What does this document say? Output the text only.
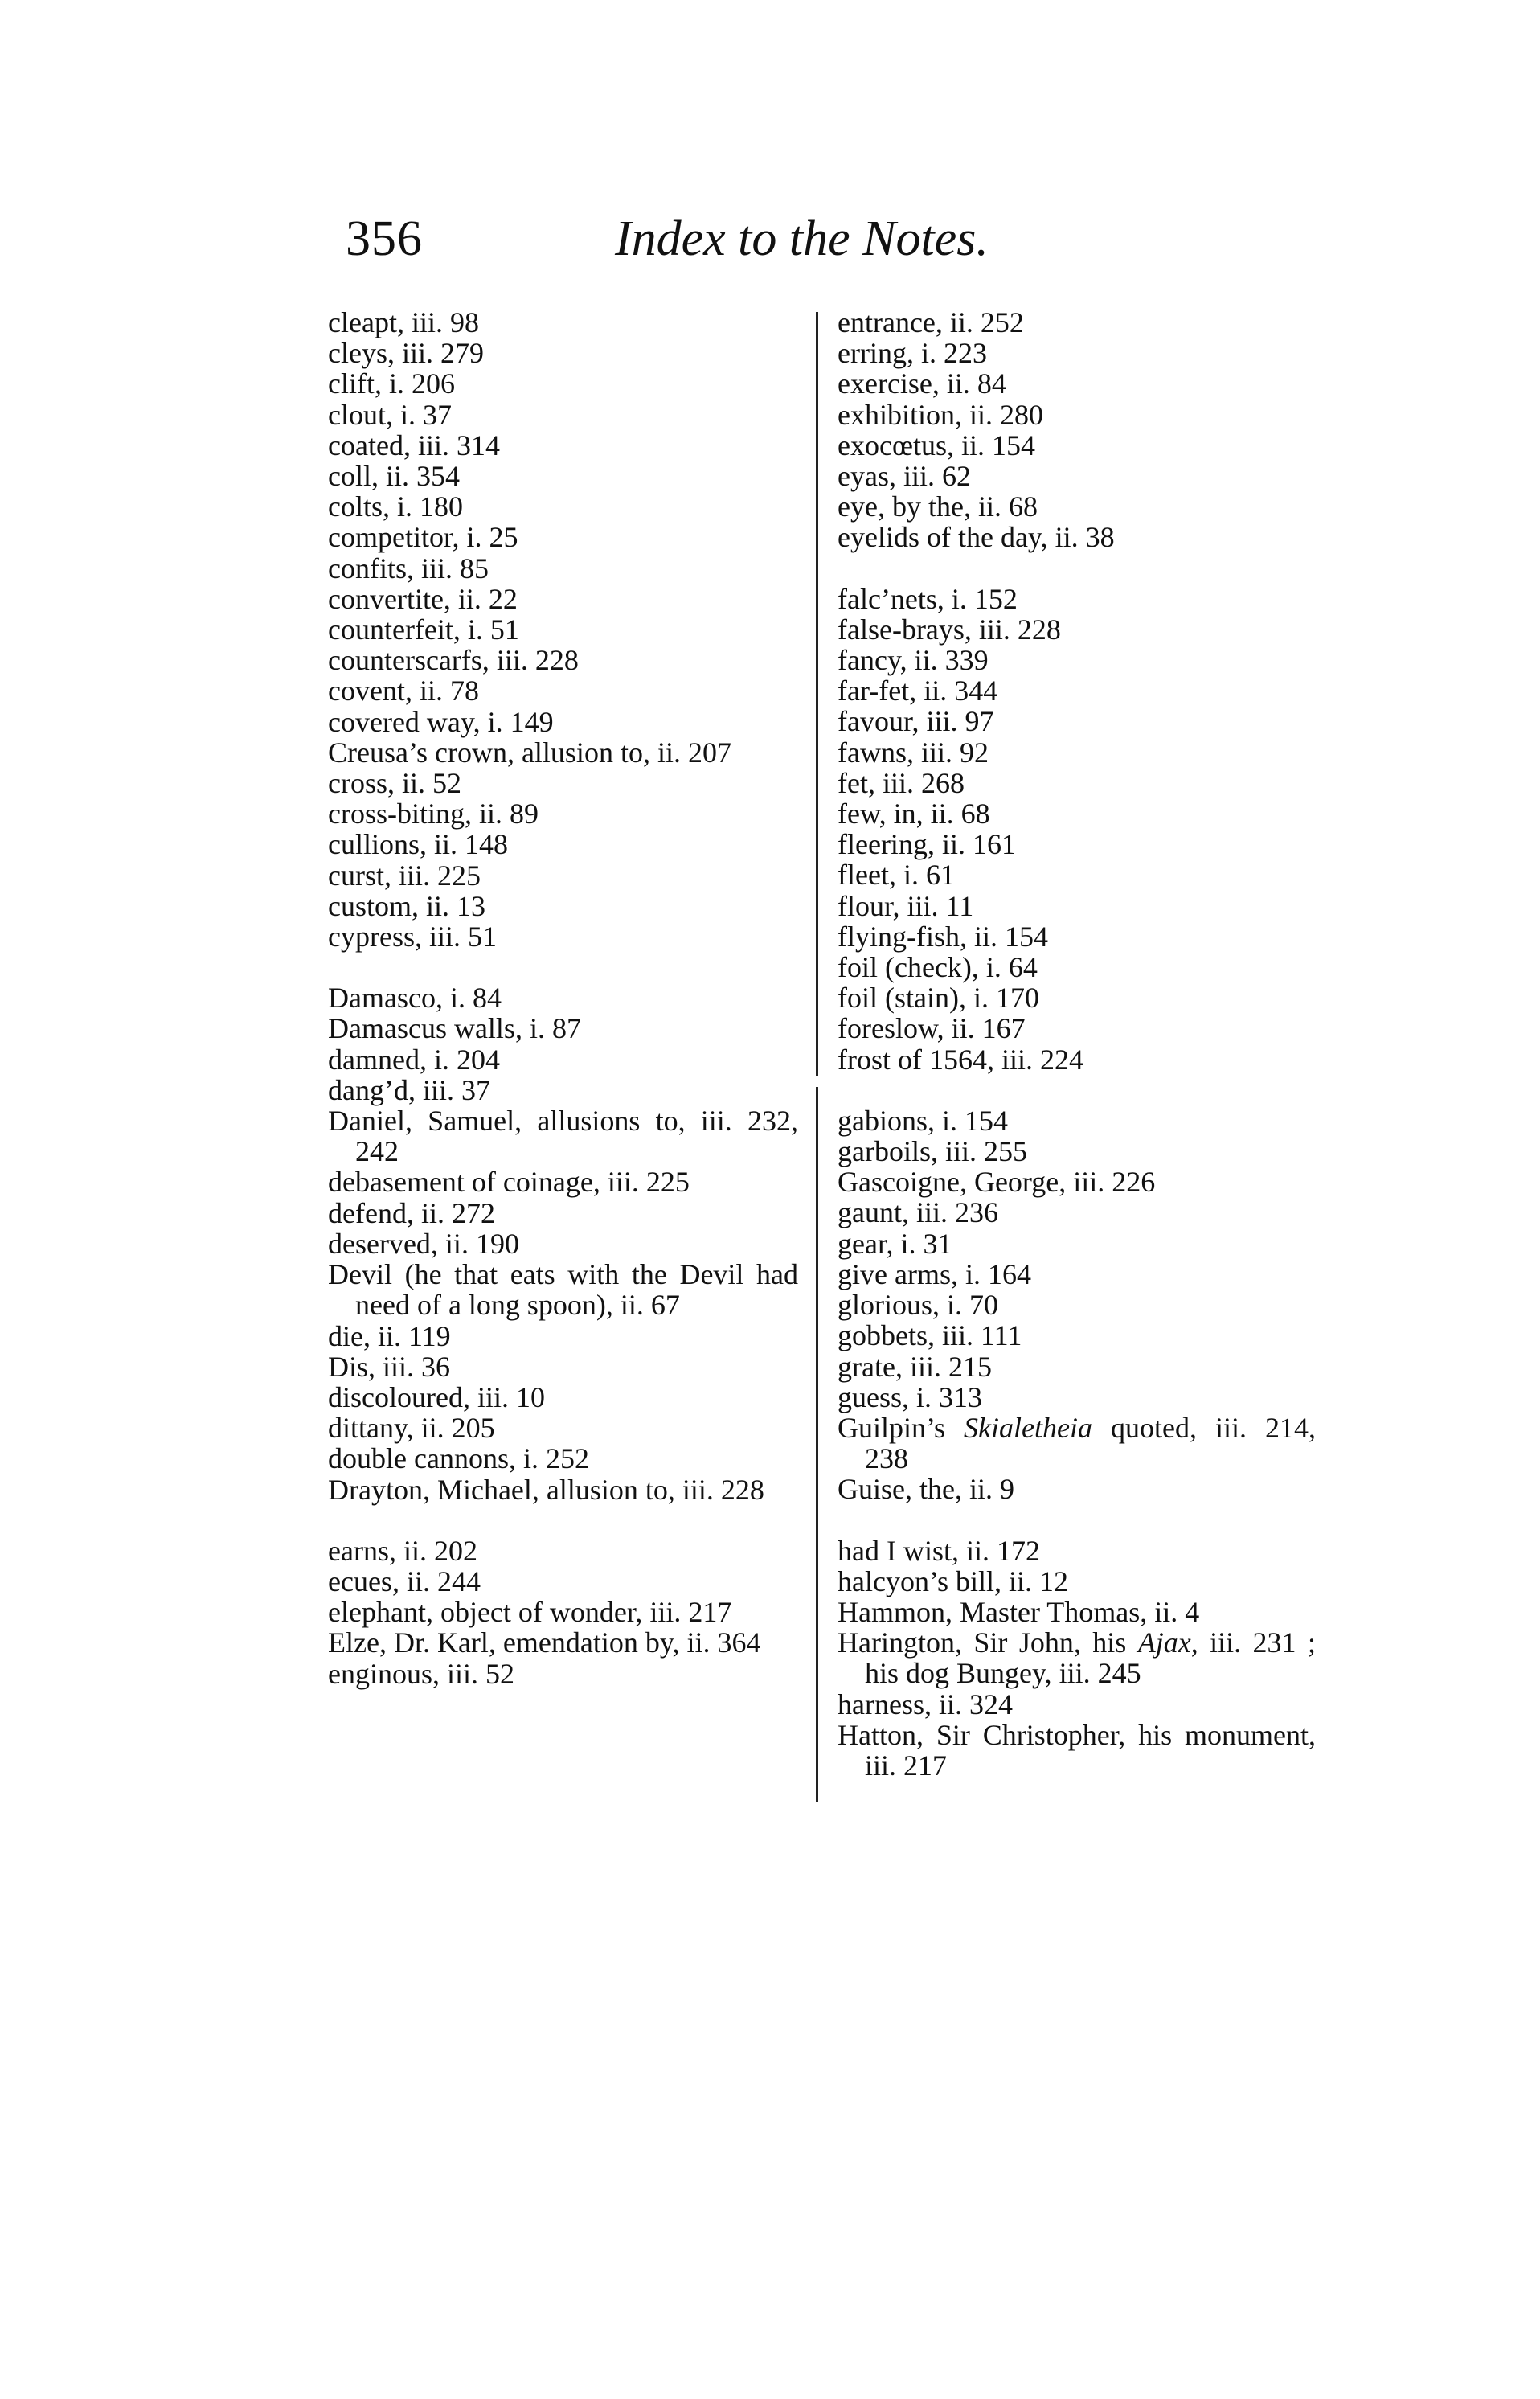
356	Index to the Notes.
cleapt, iii. 98
cleys, iii. 279
clift, i. 206
clout, i. 37
coated, iii. 314
coll, ii. 354
colts, i. 180
competitor, i. 25
confits, iii. 85
convertite, ii. 22
counterfeit, i. 51
counterscarfs, iii. 228
covent, ii. 78
covered way, i. 149
Creusa’s crown, allusion to, ii. 207
cross, ii. 52
cross-biting, ii. 89
cullions, ii. 148
curst, iii. 225
custom, ii. 13
cypress, iii. 51
Damasco, i. 84
Damascus walls, i. 87
damned, i. 204
dang’d, iii. 37
Daniel, Samuel, allusions to, iii. 232, 242
debasement of coinage, iii. 225
defend, ii. 272
deserved, ii. 190
Devil (he that eats with the Devil had need of a long spoon), ii. 67
die, ii. 119
Dis, iii. 36
discoloured, iii. 10
dittany, ii. 205
double cannons, i. 252
Drayton, Michael, allusion to, iii. 228
earns, ii. 202
ecues, ii. 244
elephant, object of wonder, iii. 217
Elze, Dr. Karl, emendation by, ii. 364
enginous, iii. 52
entrance, ii. 252
erring, i. 223
exercise, ii. 84
exhibition, ii. 280
exocœtus, ii. 154
eyas, iii. 62
eye, by the, ii. 68
eyelids of the day, ii. 38
falc’nets, i. 152
false-brays, iii. 228
fancy, ii. 339
far-fet, ii. 344
favour, iii. 97
fawns, iii. 92
fet, iii. 268
few, in, ii. 68
fleering, ii. 161
fleet, i. 61
flour, iii. 11
flying-fish, ii. 154
foil (check), i. 64
foil (stain), i. 170
foreslow, ii. 167
frost of 1564, iii. 224
gabions, i. 154
garboils, iii. 255
Gascoigne, George, iii. 226
gaunt, iii. 236
gear, i. 31
give arms, i. 164
glorious, i. 70
gobbets, iii. 111
grate, iii. 215
guess, i. 313
Guilpin’s Skialetheia quoted, iii. 214, 238
Guise, the, ii. 9
had I wist, ii. 172
halcyon’s bill, ii. 12
Hammon, Master Thomas, ii. 4
Harington, Sir John, his Ajax, iii. 231 ; his dog Bungey, iii. 245
harness, ii. 324
Hatton, Sir Christopher, his monument, iii. 217
